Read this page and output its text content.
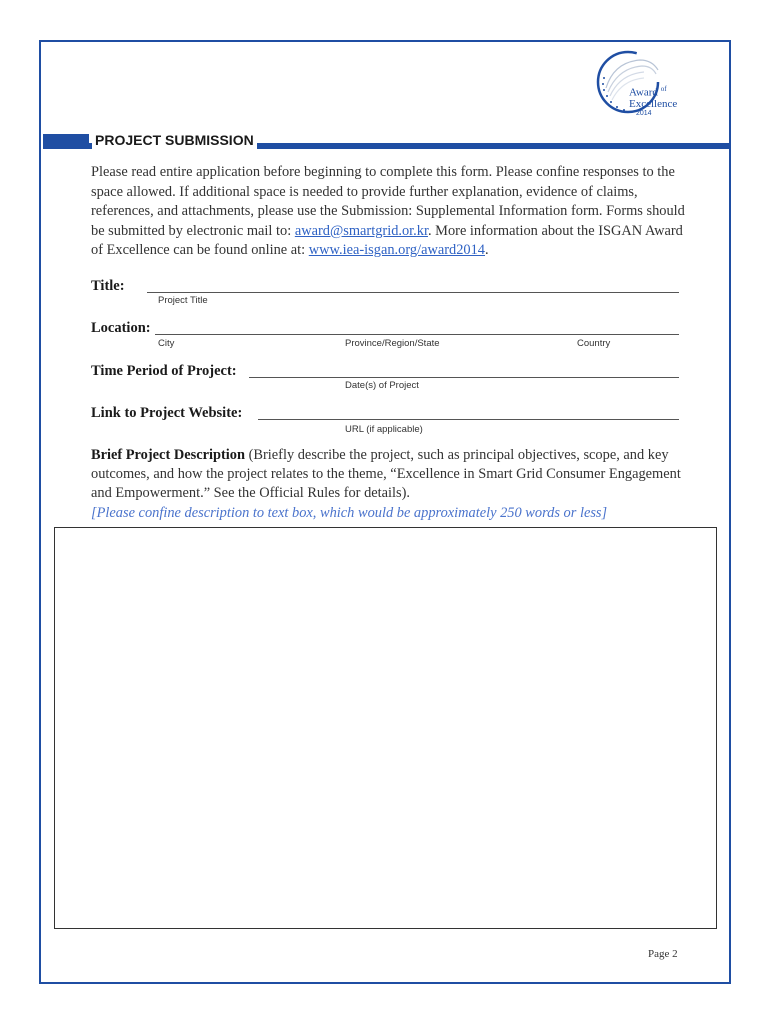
Award $^{of}$
Excellence
2014
PROJECT SUBMISSION

Please read entire application before beginning to complete this form. Please confine responses to the space allowed. If additional space is needed to provide further explanation, evidence of claims, references, and attachments, please use the Submission: Supplemental Information form. Forms should be submitted by electronic mail to: award@smartgrid.or.kr. More information about the ISGAN Award of Excellence can be found online at: www.iea-isgan.org/award2014.

Title:
Project Title
Location:
City	Province/Region/State	Country
Time Period of Project:
Date(s) of Project
Link to Project Website:
URL (if applicable)

Brief Project Description (Briefly describe the project, such as principal objectives, scope, and key outcomes, and how the project relates to the theme, “Excellence in Smart Grid Consumer Engagement and Empowerment.” See the Official Rules for details).
[Please confine description to text box, which would be approximately 250 words or less]

Page 2
